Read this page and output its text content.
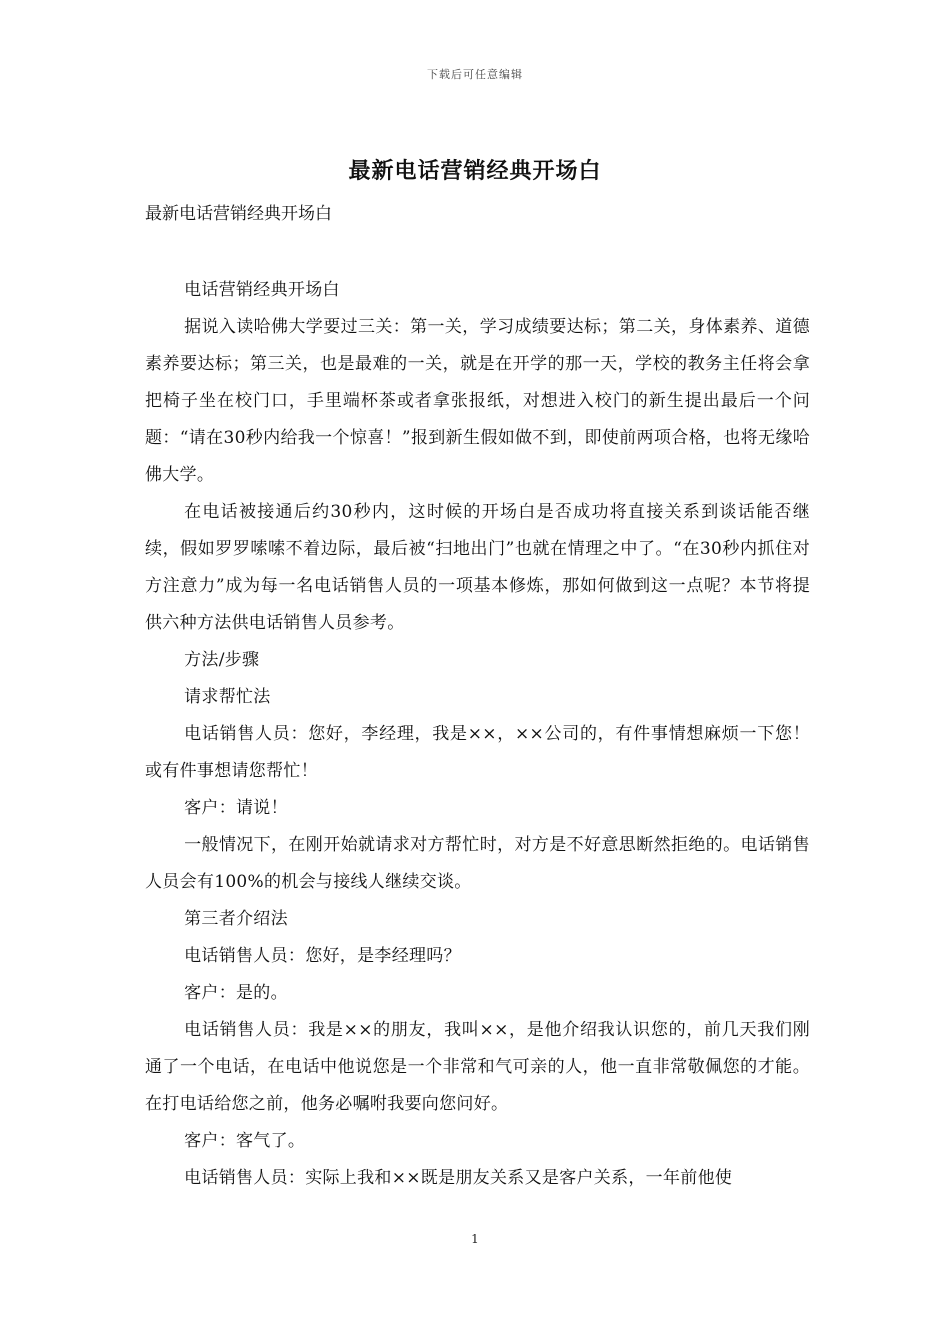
下载后可任意编辑
最新电话营销经典开场白
最新电话营销经典开场白

电话营销经典开场白

据说入读哈佛大学要过三关：第一关，学习成绩要达标；第二关，身体素养、道德素养要达标；第三关，也是最难的一关，就是在开学的那一天，学校的教务主任将会拿把椅子坐在校门口，手里端杯茶或者拿张报纸，对想进入校门的新生提出最后一个问题：“请在30秒内给我一个惊喜！”报到新生假如做不到，即使前两项合格，也将无缘哈佛大学。

在电话被接通后约30秒内，这时候的开场白是否成功将直接关系到谈话能否继续，假如罗罗嗦嗦不着边际，最后被“扫地出门”也就在情理之中了。“在30秒内抓住对方注意力”成为每一名电话销售人员的一项基本修炼，那如何做到这一点呢？本节将提供六种方法供电话销售人员参考。

方法/步骤

请求帮忙法

电话销售人员：您好，李经理，我是××，××公司的，有件事情想麻烦一下您！或有件事想请您帮忙！

客户：请说！

一般情况下，在刚开始就请求对方帮忙时，对方是不好意思断然拒绝的。电话销售人员会有100%的机会与接线人继续交谈。

第三者介绍法

电话销售人员：您好，是李经理吗？

客户：是的。

电话销售人员：我是××的朋友，我叫××，是他介绍我认识您的，前几天我们刚通了一个电话，在电话中他说您是一个非常和气可亲的人，他一直非常敬佩您的才能。在打电话给您之前，他务必嘱咐我要向您问好。

客户：客气了。

电话销售人员：实际上我和××既是朋友关系又是客户关系，一年前他使

1
